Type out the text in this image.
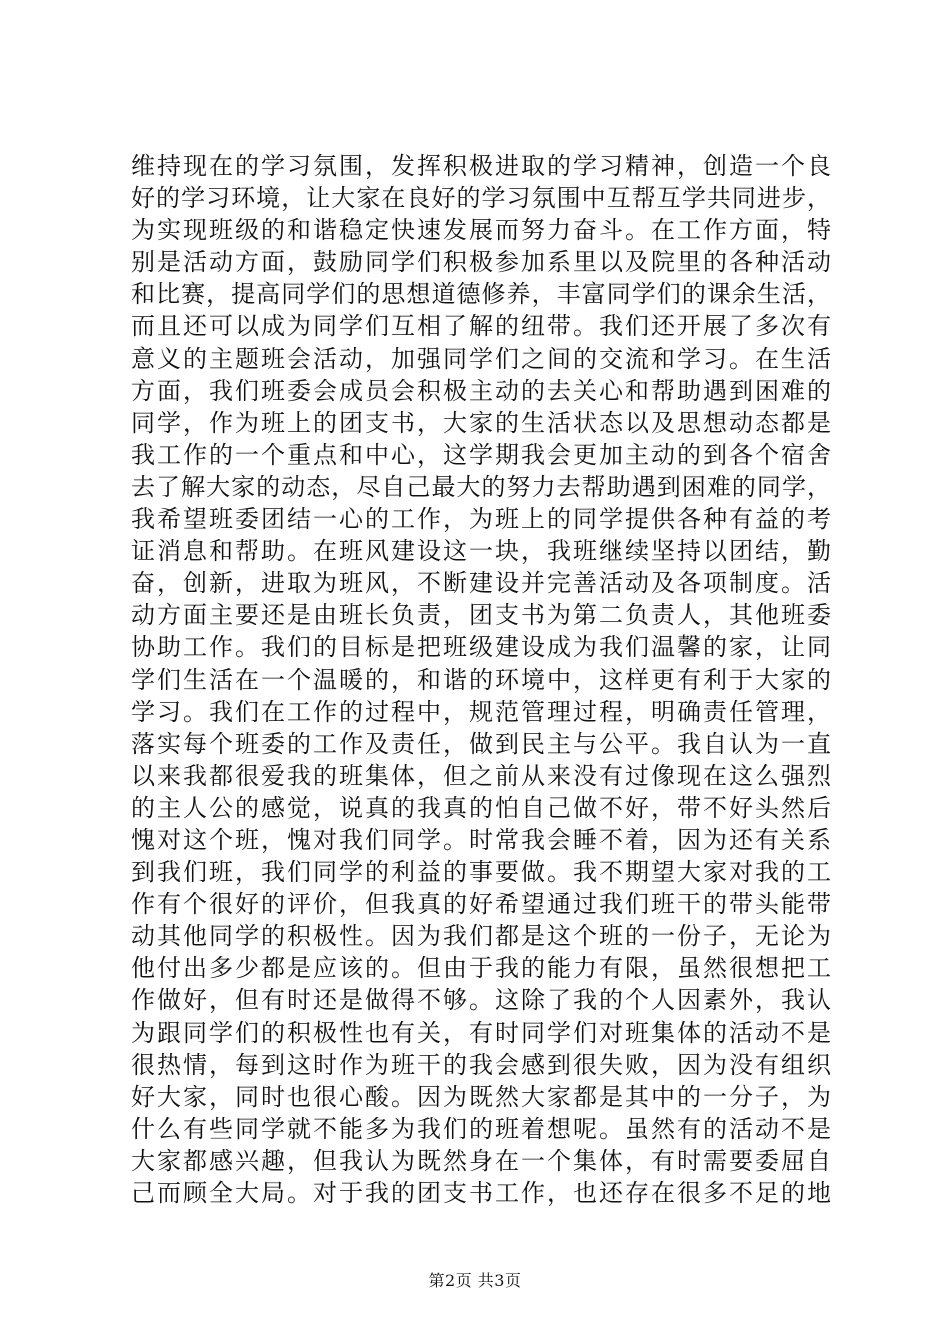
维持现在的学习氛围，发挥积极进取的学习精神，创造一个良
好的学习环境，让大家在良好的学习氛围中互帮互学共同进步，
为实现班级的和谐稳定快速发展而努力奋斗。在工作方面，特
别是活动方面，鼓励同学们积极参加系里以及院里的各种活动
和比赛，提高同学们的思想道德修养，丰富同学们的课余生活，
而且还可以成为同学们互相了解的纽带。我们还开展了多次有
意义的主题班会活动，加强同学们之间的交流和学习。在生活
方面，我们班委会成员会积极主动的去关心和帮助遇到困难的
同学，作为班上的团支书，大家的生活状态以及思想动态都是
我工作的一个重点和中心，这学期我会更加主动的到各个宿舍
去了解大家的动态，尽自己最大的努力去帮助遇到困难的同学，
我希望班委团结一心的工作，为班上的同学提供各种有益的考
证消息和帮助。在班风建设这一块，我班继续坚持以团结，勤
奋，创新，进取为班风，不断建设并完善活动及各项制度。活
动方面主要还是由班长负责，团支书为第二负责人，其他班委
协助工作。我们的目标是把班级建设成为我们温馨的家，让同
学们生活在一个温暖的，和谐的环境中，这样更有利于大家的
学习。我们在工作的过程中，规范管理过程，明确责任管理，
落实每个班委的工作及责任，做到民主与公平。我自认为一直
以来我都很爱我的班集体，但之前从来没有过像现在这么强烈
的主人公的感觉，说真的我真的怕自己做不好，带不好头然后
愧对这个班，愧对我们同学。时常我会睡不着，因为还有关系
到我们班，我们同学的利益的事要做。我不期望大家对我的工
作有个很好的评价，但我真的好希望通过我们班干的带头能带
动其他同学的积极性。因为我们都是这个班的一份子，无论为
他付出多少都是应该的。但由于我的能力有限，虽然很想把工
作做好，但有时还是做得不够。这除了我的个人因素外，我认
为跟同学们的积极性也有关，有时同学们对班集体的活动不是
很热情，每到这时作为班干的我会感到很失败，因为没有组织
好大家，同时也很心酸。因为既然大家都是其中的一分子，为
什么有些同学就不能多为我们的班着想呢。虽然有的活动不是
大家都感兴趣，但我认为既然身在一个集体，有时需要委屈自
己而顾全大局。对于我的团支书工作，也还存在很多不足的地
第2页 共3页
